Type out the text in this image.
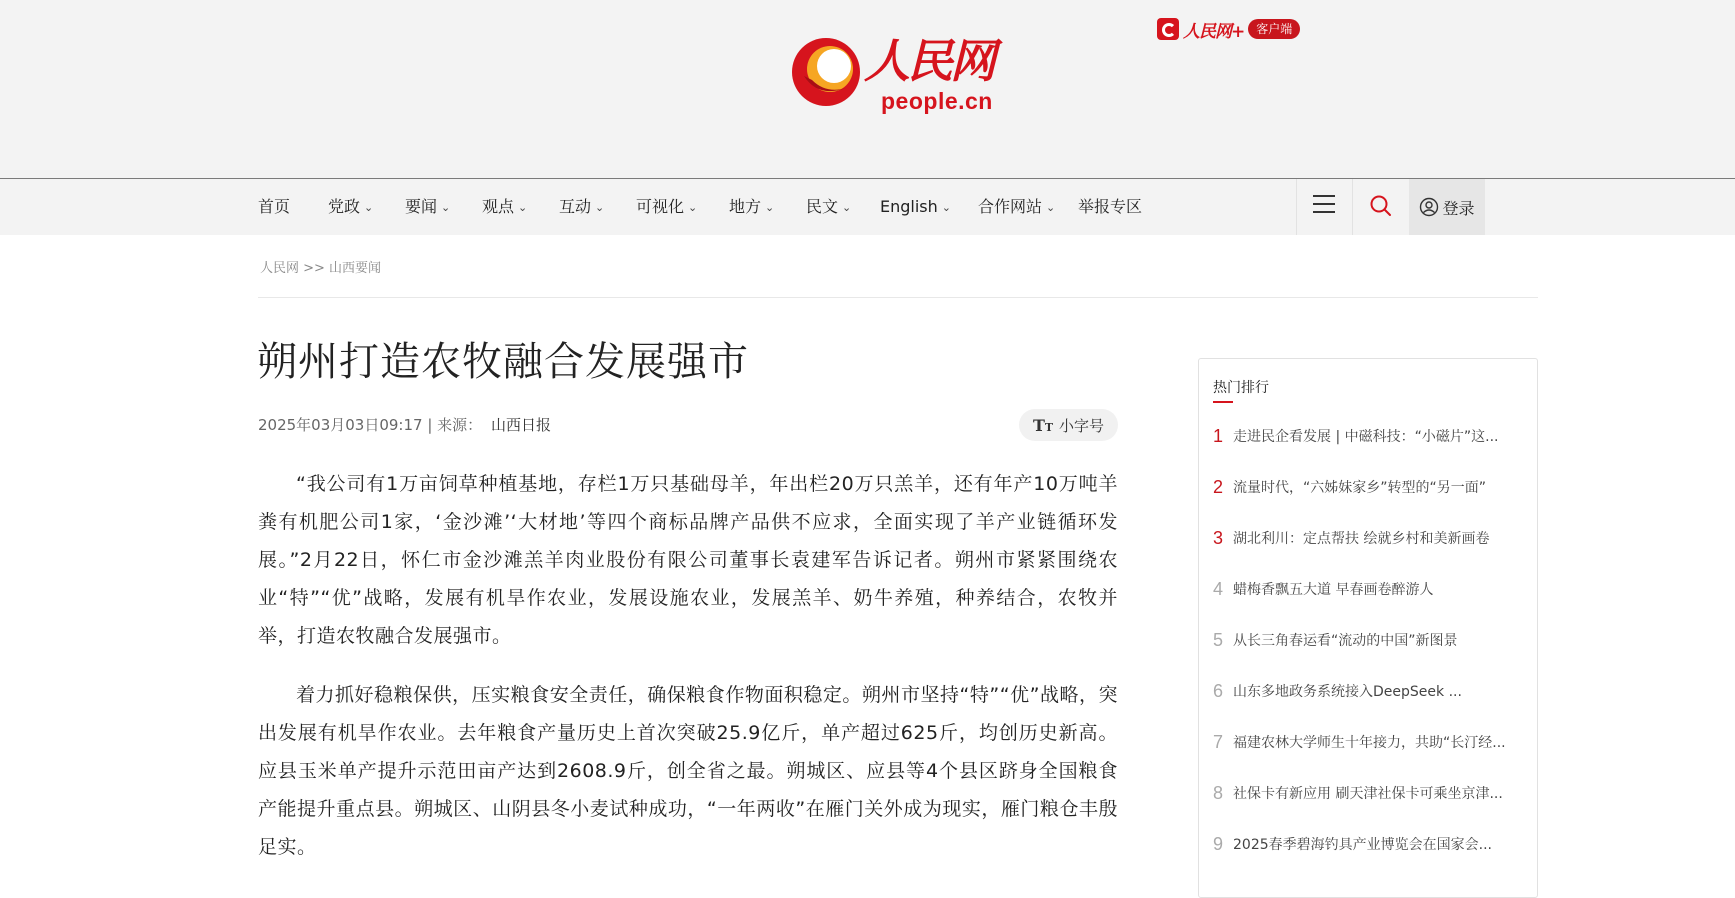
人民网
people.cn
首页 党政 ⌄ 要闻 ⌄ 观点 ⌄ 互动 ⌄ 可视化 ⌄ 地方 ⌄ 民文 ⌄ English ⌄ 合作网站 ⌄ 举报专区
人民网+	客户端
登录
人民网 >> 山西要闻
朔州打造农牧融合发展强市
2025年03月03日09:17 | 来源： 山西日报	TT 小字号

“我公司有1万亩饲草种植基地，存栏1万只基础母羊，年出栏20万只羔羊，还有年产10万吨羊粪有机肥公司1家，‘金沙滩’‘大材地’等四个商标品牌产品供不应求，全面实现了羊产业链循环发展。”2月22日，怀仁市金沙滩羔羊肉业股份有限公司董事长袁建军告诉记者。朔州市紧紧围绕农业“特”“优”战略，发展有机旱作农业，发展设施农业，发展羔羊、奶牛养殖，种养结合，农牧并举，打造农牧融合发展强市。

着力抓好稳粮保供，压实粮食安全责任，确保粮食作物面积稳定。朔州市坚持“特”“优”战略，突出发展有机旱作农业。去年粮食产量历史上首次突破25.9亿斤，单产超过625斤，均创历史新高。应县玉米单产提升示范田亩产达到2608.9斤，创全省之最。朔城区、应县等4个县区跻身全国粮食产能提升重点县。朔城区、山阴县冬小麦试种成功，“一年两收”在雁门关外成为现实，雁门粮仓丰殷足实。

热门排行
1 走进民企看发展 | 中磁科技：“小磁片”这...
2 流量时代，“六姊妹家乡”转型的“另一面”
3 湖北利川：定点帮扶 绘就乡村和美新画卷
4 蜡梅香飘五大道 早春画卷醉游人
5 从长三角春运看“流动的中国”新图景
6 山东多地政务系统接入DeepSeek ...
7 福建农林大学师生十年接力，共助“长汀经...
8 社保卡有新应用 刷天津社保卡可乘坐京津...
9 2025春季碧海钓具产业博览会在国家会...
